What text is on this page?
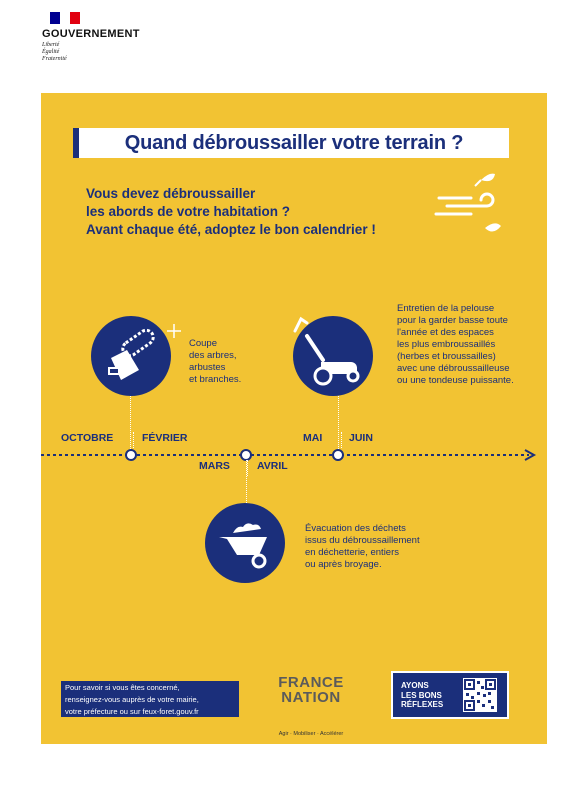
GOUVERNEMENT
Liberté
Égalité
Fraternité
Quand débroussailler votre terrain ?
Vous devez débroussailler
les abords de votre habitation ?
Avant chaque été, adoptez le bon calendrier !
Coupe
des arbres,
arbustes
et branches.
Entretien de la pelouse
pour la garder basse toute
l'année et des espaces
les plus embroussaillés
(herbes et broussailles)
avec une débroussailleuse
ou une tondeuse puissante.
OCTOBRE	FÉVRIER
MARS	AVRIL
MAI	JUIN
Évacuation des déchets
issus du débroussaillement
en déchetterie, entiers
ou après broyage.
Pour savoir si vous êtes concerné,
renseignez-vous auprès de votre mairie,
votre préfecture ou sur feux-foret.gouv.fr
FRANCE
NATION
Agir · Mobiliser · Accélérer
AYONS
LES BONS
RÉFLEXES
